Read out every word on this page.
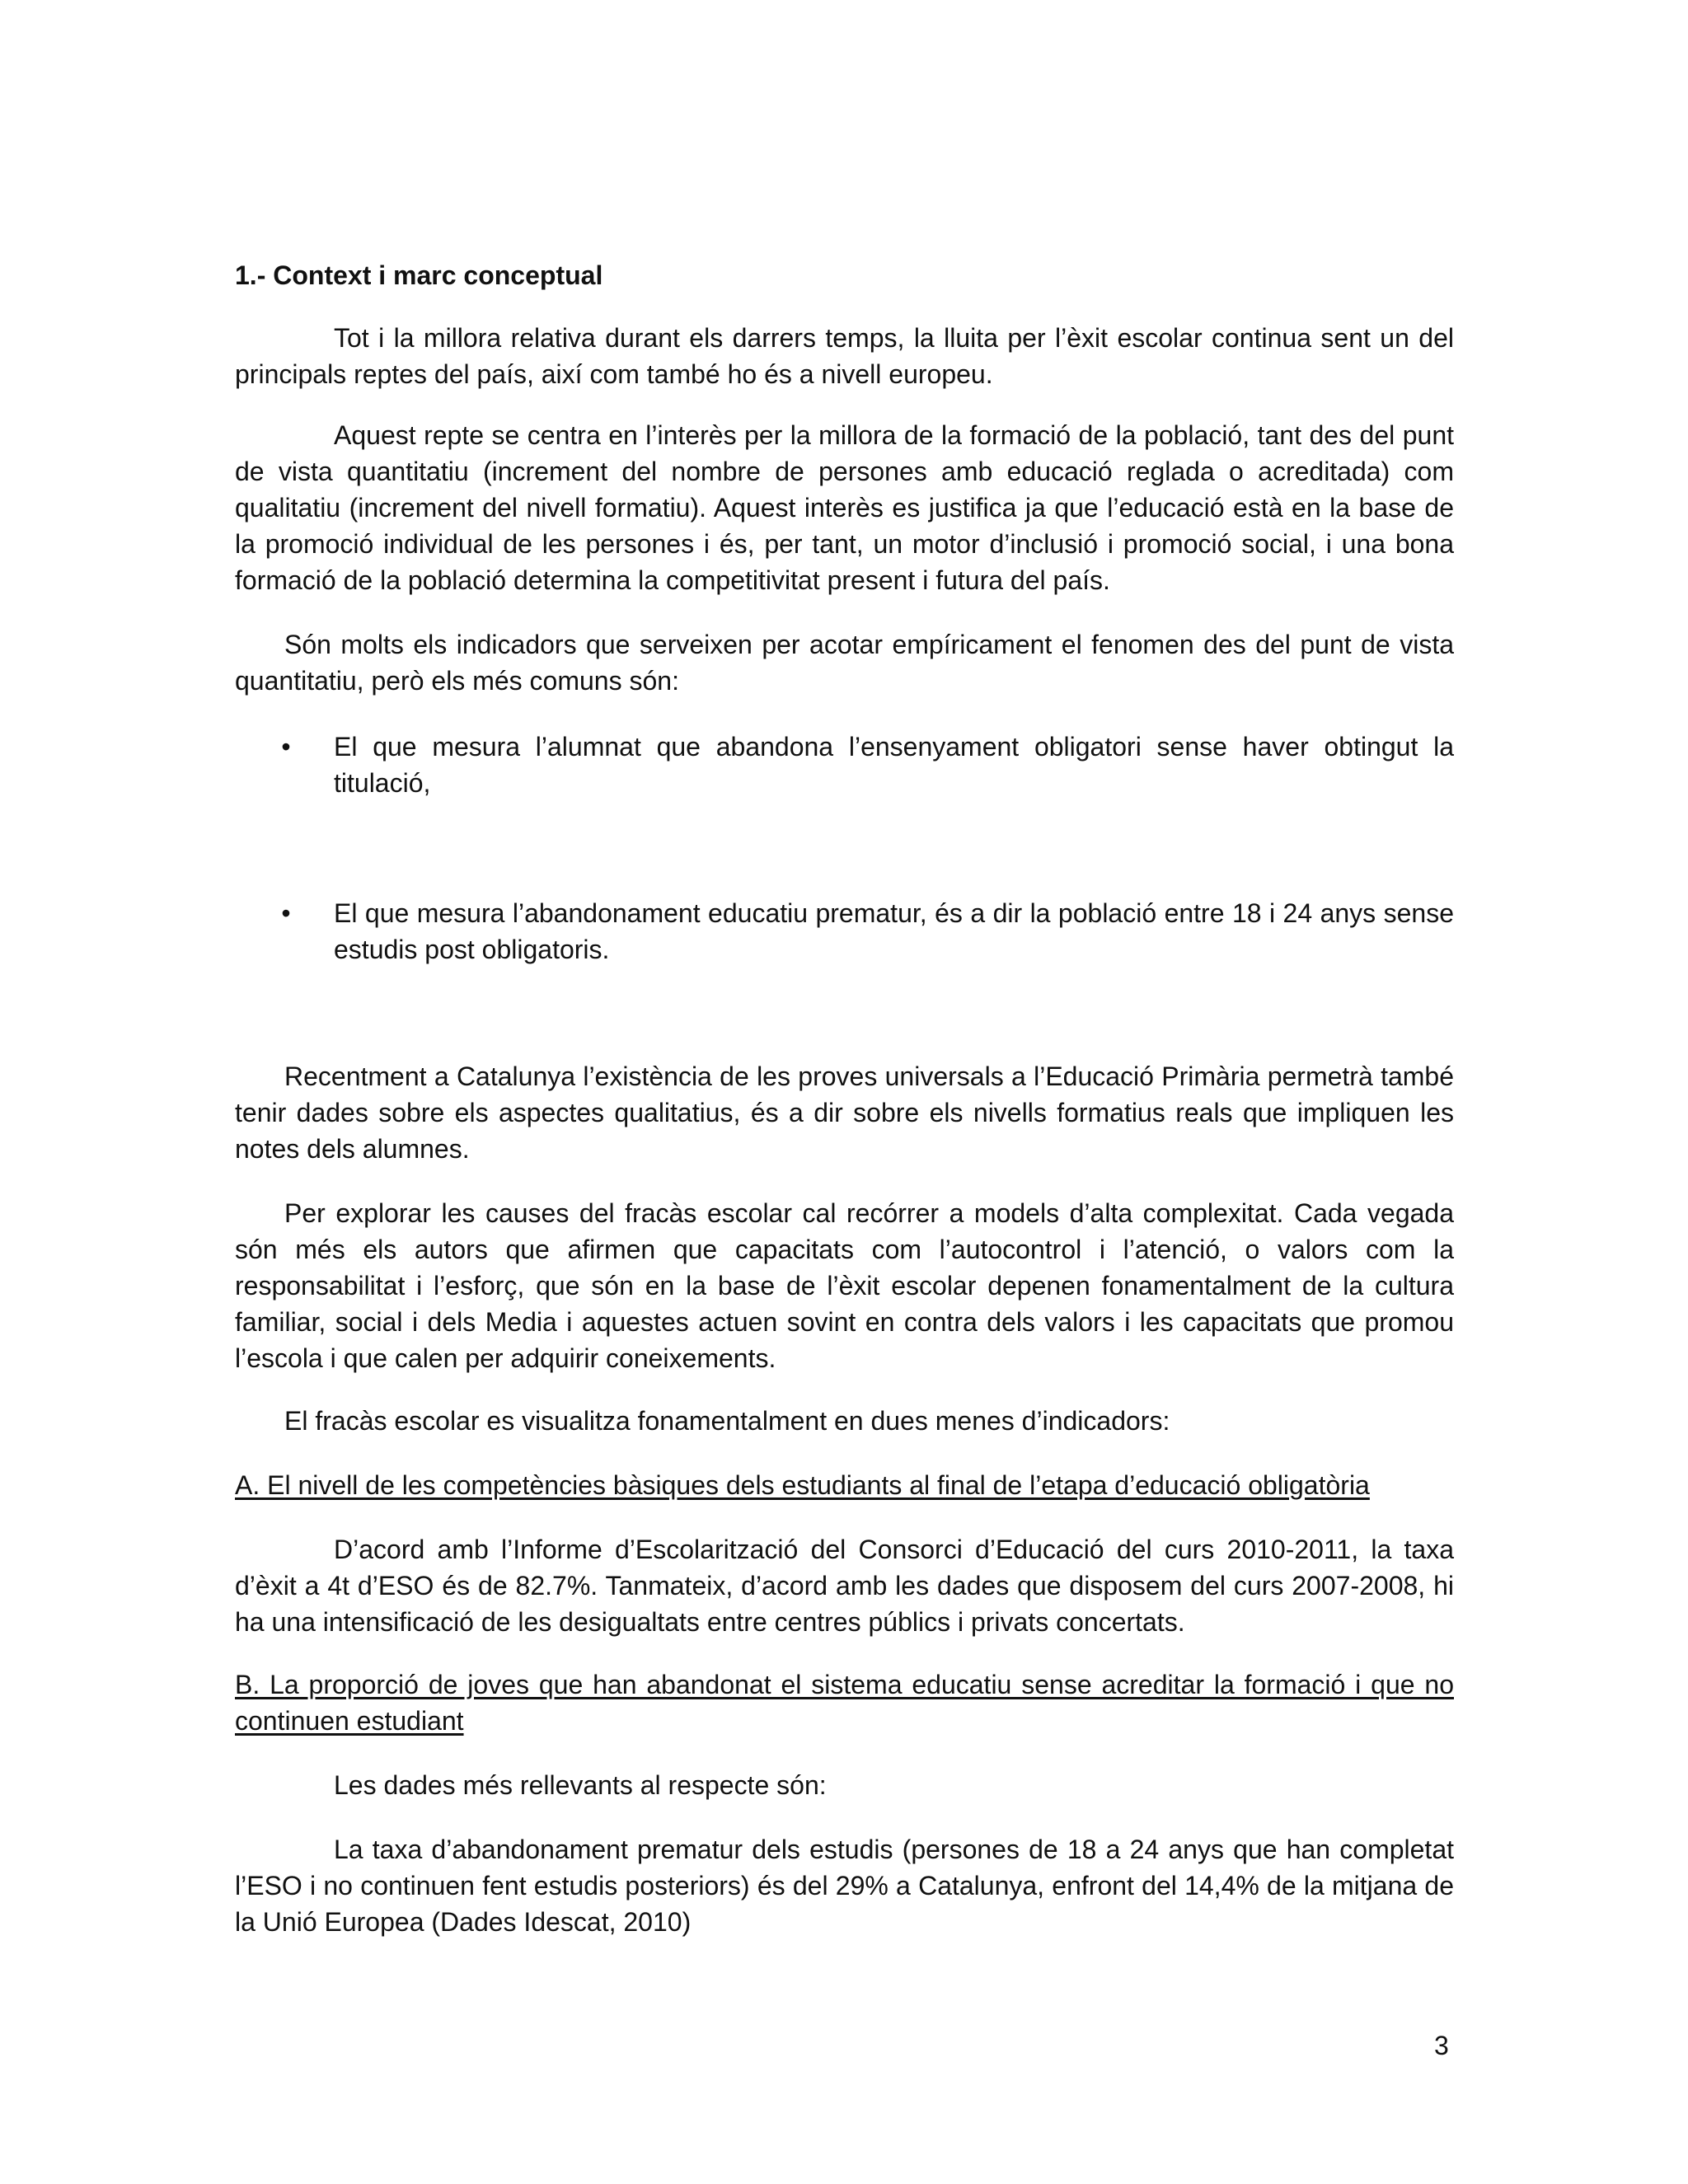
1.- Context i marc conceptual

Tot i la millora relativa durant els darrers temps, la lluita per l’èxit escolar continua sent un del principals reptes del país, així com també ho és a nivell europeu.

Aquest repte se centra en l’interès per la millora de la formació de la població, tant des del punt de vista quantitatiu (increment del nombre de persones amb educació reglada o acreditada) com qualitatiu (increment del nivell formatiu). Aquest interès es justifica ja que l’educació està en la base de la promoció individual de les persones i és, per tant, un motor d’inclusió i promoció social, i una bona formació de la població determina la competitivitat present i futura del país.

Són molts els indicadors que serveixen per acotar empíricament el fenomen des del punt de vista quantitatiu, però els més comuns són:

• El que mesura l’alumnat que abandona l’ensenyament obligatori sense haver obtingut la titulació,

• El que mesura l’abandonament educatiu prematur, és a dir la població entre 18 i 24 anys sense estudis post obligatoris.

Recentment a Catalunya l’existència de les proves universals a l’Educació Primària permetrà també tenir dades sobre els aspectes qualitatius, és a dir sobre els nivells formatius reals que impliquen les notes dels alumnes.

Per explorar les causes del fracàs escolar cal recórrer a models d’alta complexitat. Cada vegada són més els autors que afirmen que capacitats com l’autocontrol i l’atenció, o valors com la responsabilitat i l’esforç, que són en la base de l’èxit escolar depenen fonamentalment de la cultura familiar, social i dels Media i aquestes actuen sovint en contra dels valors i les capacitats que promou l’escola i que calen per adquirir coneixements.

El fracàs escolar es visualitza fonamentalment en dues menes d’indicadors:

A. El nivell de les competències bàsiques dels estudiants al final de l’etapa d’educació obligatòria

D’acord amb l’Informe d’Escolarització del Consorci d’Educació del curs 2010-2011, la taxa d’èxit a 4t d’ESO és de 82.7%. Tanmateix, d’acord amb les dades que disposem del curs 2007-2008, hi ha una intensificació de les desigualtats entre centres públics i privats concertats.

B. La proporció de joves que han abandonat el sistema educatiu sense acreditar la formació i que no continuen estudiant

Les dades més rellevants al respecte són:

La taxa d’abandonament prematur dels estudis (persones de 18 a 24 anys que han completat l’ESO i no continuen fent estudis posteriors) és del 29% a Catalunya, enfront del 14,4% de la mitjana de la Unió Europea (Dades Idescat, 2010)

3
